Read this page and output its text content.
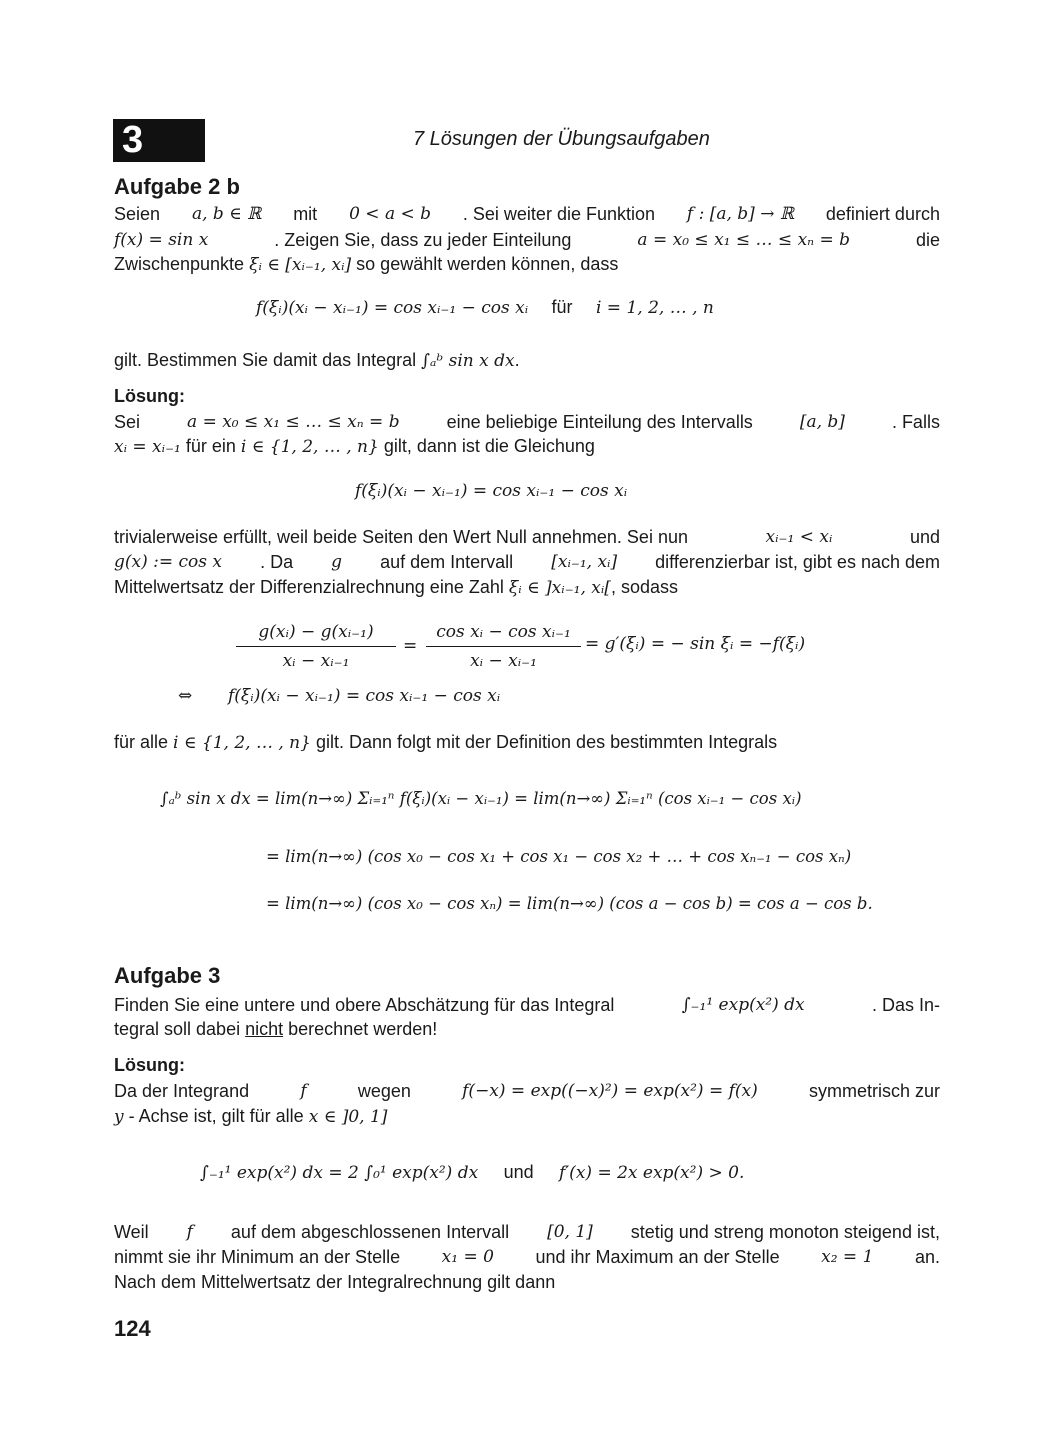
3	7 Lösungen der Übungsaufgaben
Aufgabe 2 b
Seien a, b ∈ ℝ mit 0 < a < b . Sei weiter die Funktion f : [a, b] → ℝ definiert durch
f(x) = sin x	. Zeigen Sie, dass zu jeder Einteilung	a = x₀ ≤ x₁ ≤ … ≤ xₙ = b	die
Zwischenpunkte ξᵢ ∈ [xᵢ₋₁, xᵢ] so gewählt werden können, dass
f(ξᵢ)(xᵢ − xᵢ₋₁) = cos xᵢ₋₁ − cos xᵢ für i = 1, 2, … , n
gilt. Bestimmen Sie damit das Integral ∫ₐᵇ sin x dx.
Lösung:
Sei	a = x₀ ≤ x₁ ≤ … ≤ xₙ = b	eine beliebige Einteilung des Intervalls	[a, b]	. Falls
xᵢ = xᵢ₋₁ für ein i ∈ {1, 2, … , n} gilt, dann ist die Gleichung
f(ξᵢ)(xᵢ − xᵢ₋₁) = cos xᵢ₋₁ − cos xᵢ
trivialerweise erfüllt, weil beide Seiten den Wert Null annehmen. Sei nun	xᵢ₋₁ < xᵢ	und
g(x) := cos x . Da g auf dem Intervall [xᵢ₋₁, xᵢ] differenzierbar ist, gibt es nach dem
Mittelwertsatz der Differenzialrechnung eine Zahl ξᵢ ∈ ]xᵢ₋₁, xᵢ[, sodass
g(xᵢ) − g(xᵢ₋₁)
xᵢ − xᵢ₋₁
=
cos xᵢ − cos xᵢ₋₁
xᵢ − xᵢ₋₁
= g′(ξᵢ) = − sin ξᵢ = −f(ξᵢ)
⇔ f(ξᵢ)(xᵢ − xᵢ₋₁) = cos xᵢ₋₁ − cos xᵢ
für alle i ∈ {1, 2, … , n} gilt. Dann folgt mit der Definition des bestimmten Integrals
∫ₐᵇ sin x dx = lim(n→∞) Σᵢ₌₁ⁿ f(ξᵢ)(xᵢ − xᵢ₋₁) = lim(n→∞) Σᵢ₌₁ⁿ (cos xᵢ₋₁ − cos xᵢ)
= lim(n→∞) (cos x₀ − cos x₁ + cos x₁ − cos x₂ + … + cos xₙ₋₁ − cos xₙ)
= lim(n→∞) (cos x₀ − cos xₙ) = lim(n→∞) (cos a − cos b) = cos a − cos b.
Aufgabe 3
Finden Sie eine untere und obere Abschätzung für das Integral	∫₋₁¹ exp(x²) dx	. Das In-
tegral soll dabei nicht berechnet werden!
Lösung:
Da der Integrand	f	wegen	f(−x) = exp((−x)²) = exp(x²) = f(x)	symmetrisch zur
y - Achse ist, gilt für alle x ∈ ]0, 1]
∫₋₁¹ exp(x²) dx = 2 ∫₀¹ exp(x²) dx und f′(x) = 2x exp(x²) > 0.
Weil f auf dem abgeschlossenen Intervall [0, 1] stetig und streng monoton steigend ist,
nimmt sie ihr Minimum an der Stelle x₁ = 0 und ihr Maximum an der Stelle x₂ = 1 an.
Nach dem Mittelwertsatz der Integralrechnung gilt dann
124
